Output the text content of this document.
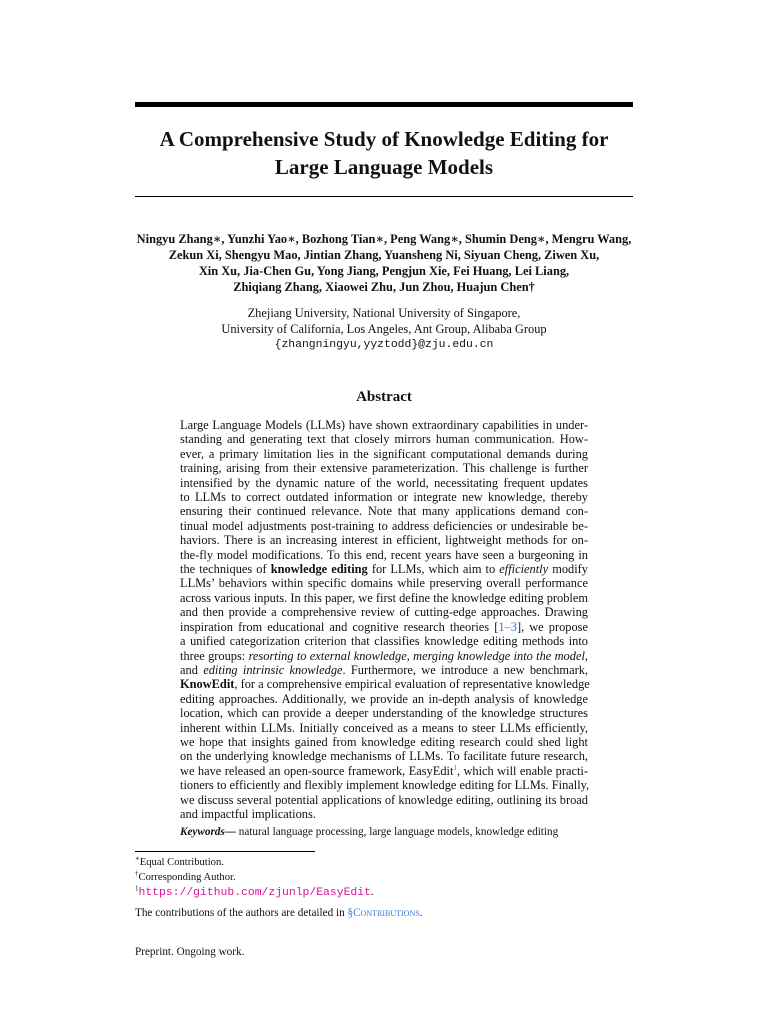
A Comprehensive Study of Knowledge Editing for
Large Language Models
Ningyu Zhang∗, Yunzhi Yao∗, Bozhong Tian∗, Peng Wang∗, Shumin Deng∗, Mengru Wang,
Zekun Xi, Shengyu Mao, Jintian Zhang, Yuansheng Ni, Siyuan Cheng, Ziwen Xu,
Xin Xu, Jia-Chen Gu, Yong Jiang, Pengjun Xie, Fei Huang, Lei Liang,
Zhiqiang Zhang, Xiaowei Zhu, Jun Zhou, Huajun Chen†
Zhejiang University, National University of Singapore,
University of California, Los Angeles, Ant Group, Alibaba Group
{zhangningyu,yyztodd}@zju.edu.cn
Abstract
Large Language Models (LLMs) have shown extraordinary capabilities in under-
standing and generating text that closely mirrors human communication. How-
ever, a primary limitation lies in the significant computational demands during
training, arising from their extensive parameterization. This challenge is further
intensified by the dynamic nature of the world, necessitating frequent updates
to LLMs to correct outdated information or integrate new knowledge, thereby
ensuring their continued relevance. Note that many applications demand con-
tinual model adjustments post-training to address deficiencies or undesirable be-
haviors. There is an increasing interest in efficient, lightweight methods for on-
the-fly model modifications. To this end, recent years have seen a burgeoning in
the techniques of knowledge editing for LLMs, which aim to efficiently modify
LLMs’ behaviors within specific domains while preserving overall performance
across various inputs. In this paper, we first define the knowledge editing problem
and then provide a comprehensive review of cutting-edge approaches. Drawing
inspiration from educational and cognitive research theories [1–3], we propose
a unified categorization criterion that classifies knowledge editing methods into
three groups: resorting to external knowledge, merging knowledge into the model,
and editing intrinsic knowledge. Furthermore, we introduce a new benchmark,
KnowEdit, for a comprehensive empirical evaluation of representative knowledge
editing approaches. Additionally, we provide an in-depth analysis of knowledge
location, which can provide a deeper understanding of the knowledge structures
inherent within LLMs. Initially conceived as a means to steer LLMs efficiently,
we hope that insights gained from knowledge editing research could shed light
on the underlying knowledge mechanisms of LLMs. To facilitate future research,
we have released an open-source framework, EasyEdit$^1$, which will enable practi-
tioners to efficiently and flexibly implement knowledge editing for LLMs. Finally,
we discuss several potential applications of knowledge editing, outlining its broad
and impactful implications.
Keywords— natural language processing, large language models, knowledge editing
∗Equal Contribution.
†Corresponding Author.
$^1$https://github.com/zjunlp/EasyEdit.
The contributions of the authors are detailed in §Contributions.
Preprint. Ongoing work.
